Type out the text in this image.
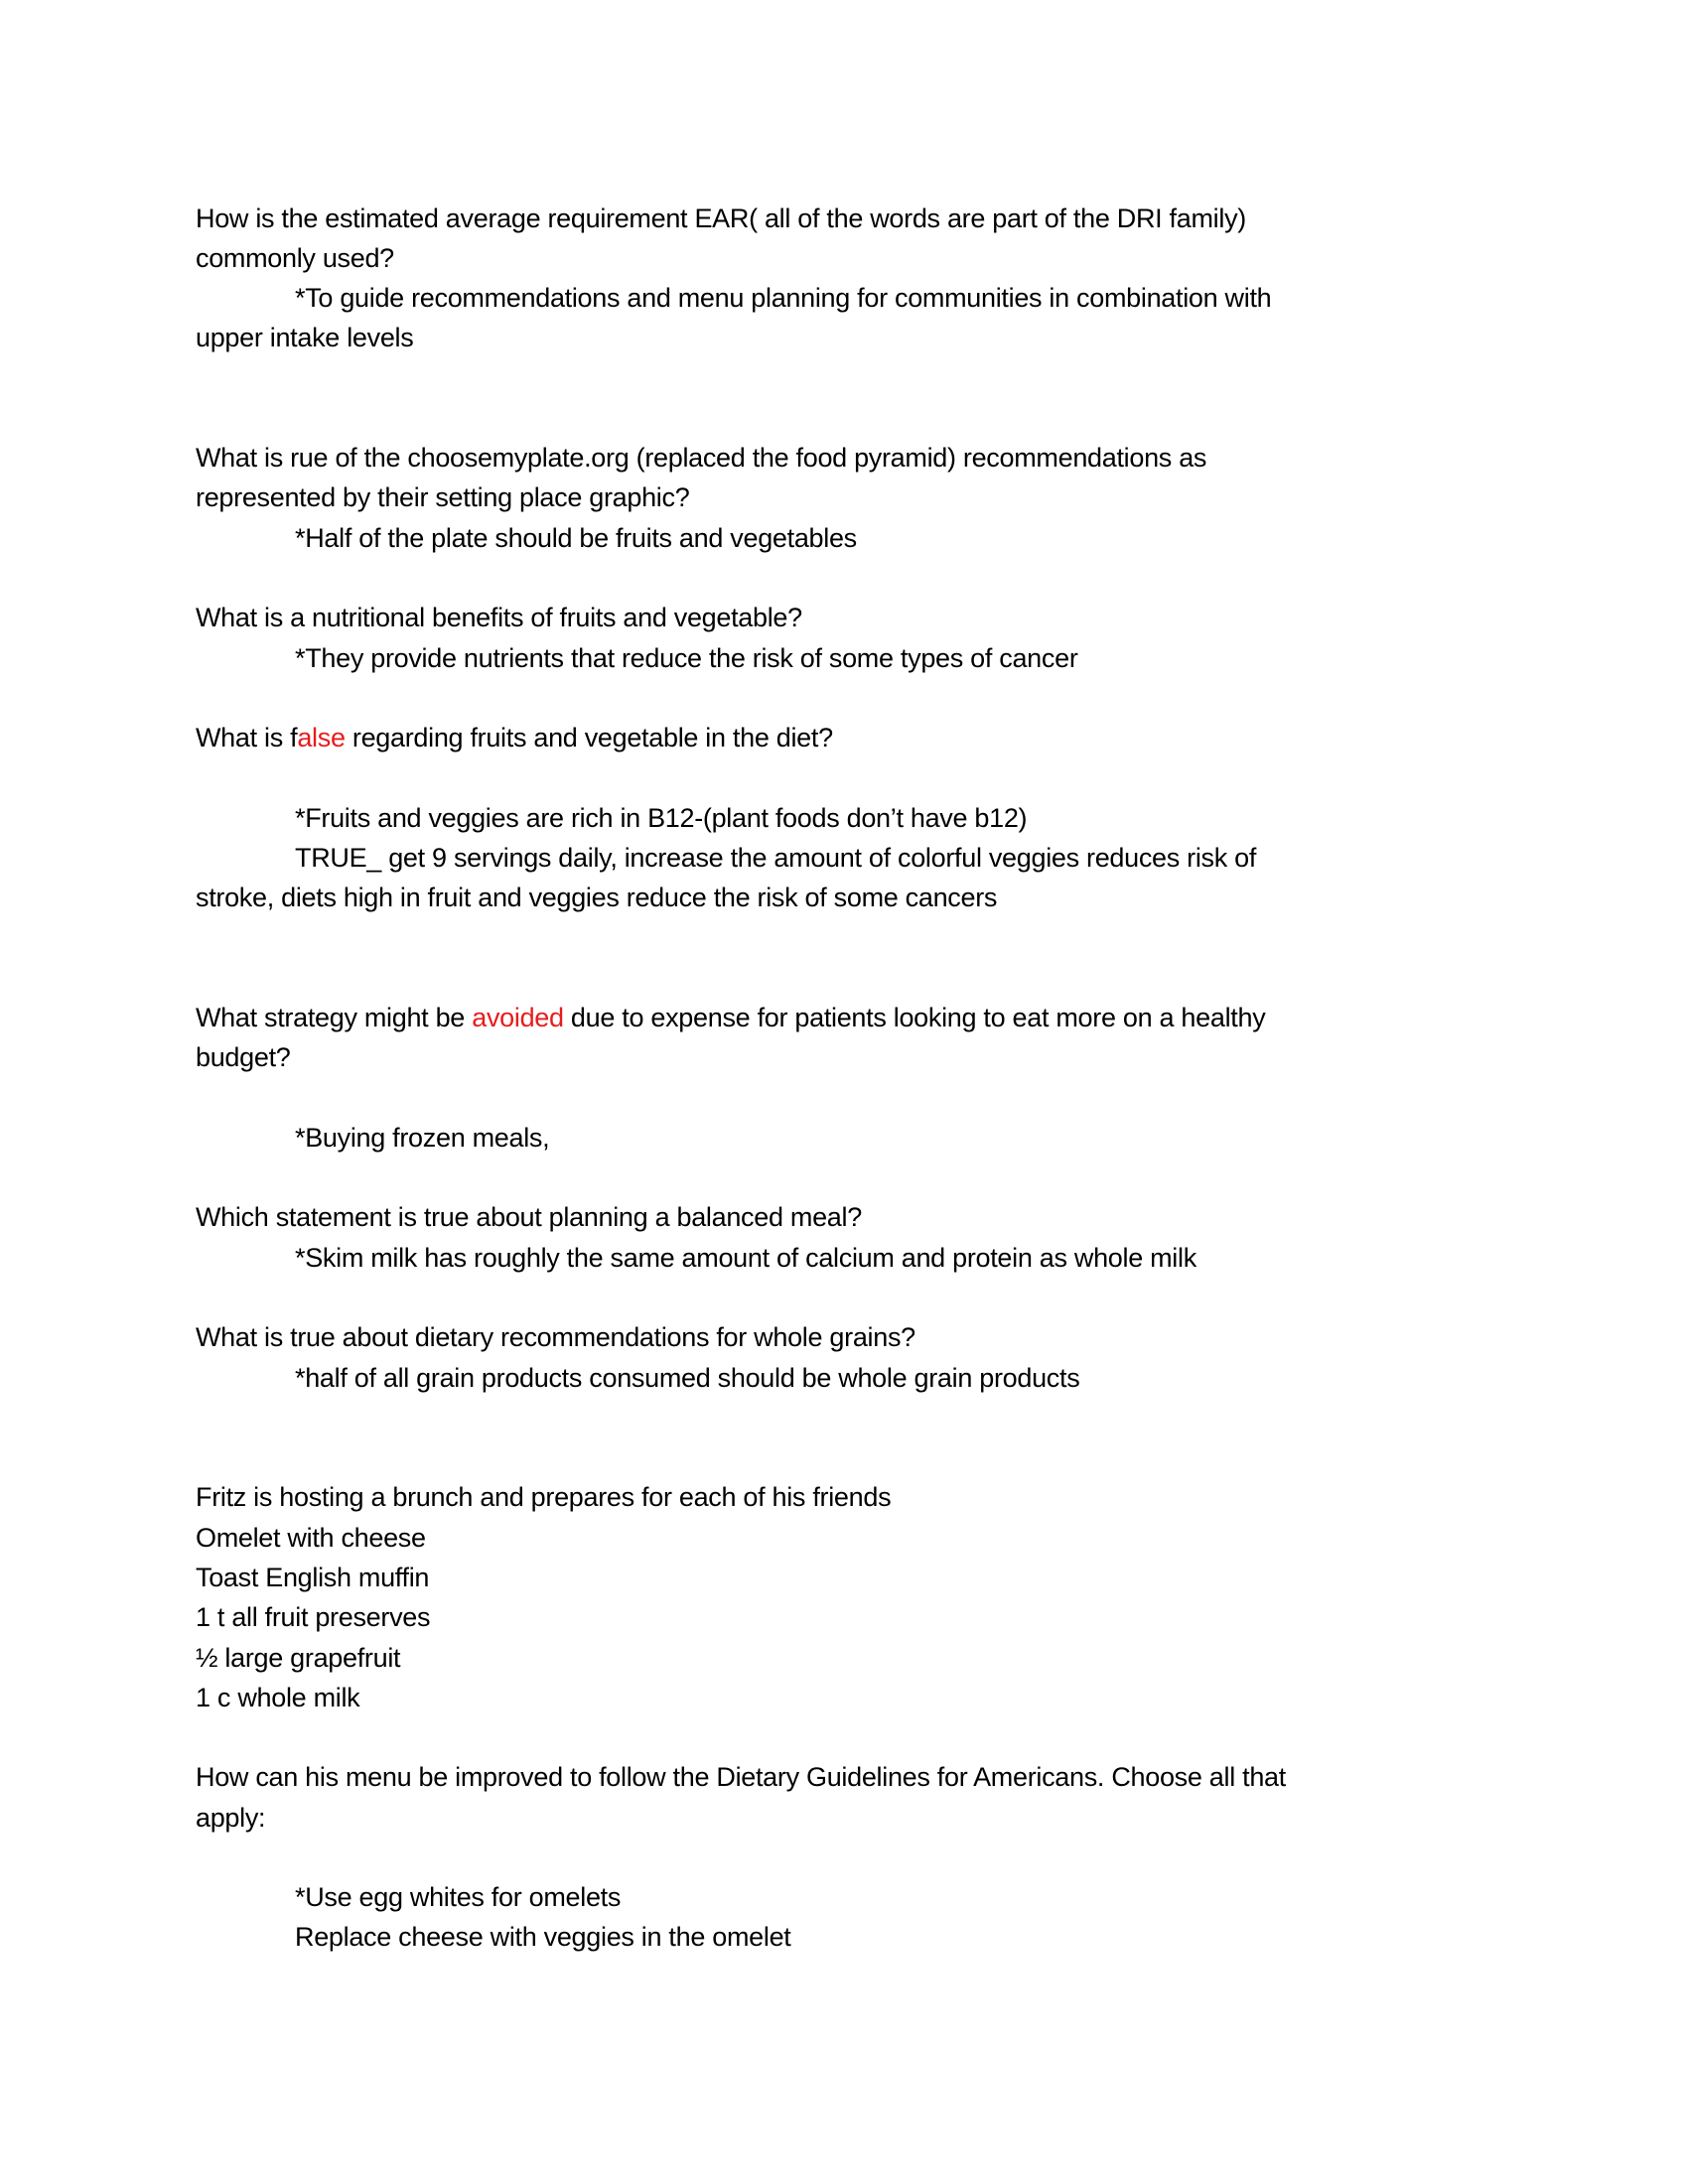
How is the estimated average requirement EAR( all of the words are part of the DRI family)
commonly used?
*To guide recommendations and menu planning for communities in combination with
upper intake levels
What is rue of the choosemyplate.org (replaced the food pyramid) recommendations as
represented by their setting place graphic?
*Half of the plate should be fruits and vegetables
What is a nutritional benefits of fruits and vegetable?
*They provide nutrients that reduce the risk of some types of cancer
What is false regarding fruits and vegetable in the diet?
*Fruits and veggies are rich in B12-(plant foods don’t have b12)
TRUE_ get 9 servings daily, increase the amount of colorful veggies reduces risk of
stroke, diets high in fruit and veggies reduce the risk of some cancers
What strategy might be avoided due to expense for patients looking to eat more on a healthy
budget?
*Buying frozen meals,
Which statement is true about planning a balanced meal?
*Skim milk has roughly the same amount of calcium and protein as whole milk
What is true about dietary recommendations for whole grains?
*half of all grain products consumed should be whole grain products
Fritz is hosting a brunch and prepares for each of his friends
Omelet with cheese
Toast English muffin
1 t all fruit preserves
½ large grapefruit
1 c whole milk
How can his menu be improved to follow the Dietary Guidelines for Americans. Choose all that
apply:
*Use egg whites for omelets
Replace cheese with veggies in the omelet
